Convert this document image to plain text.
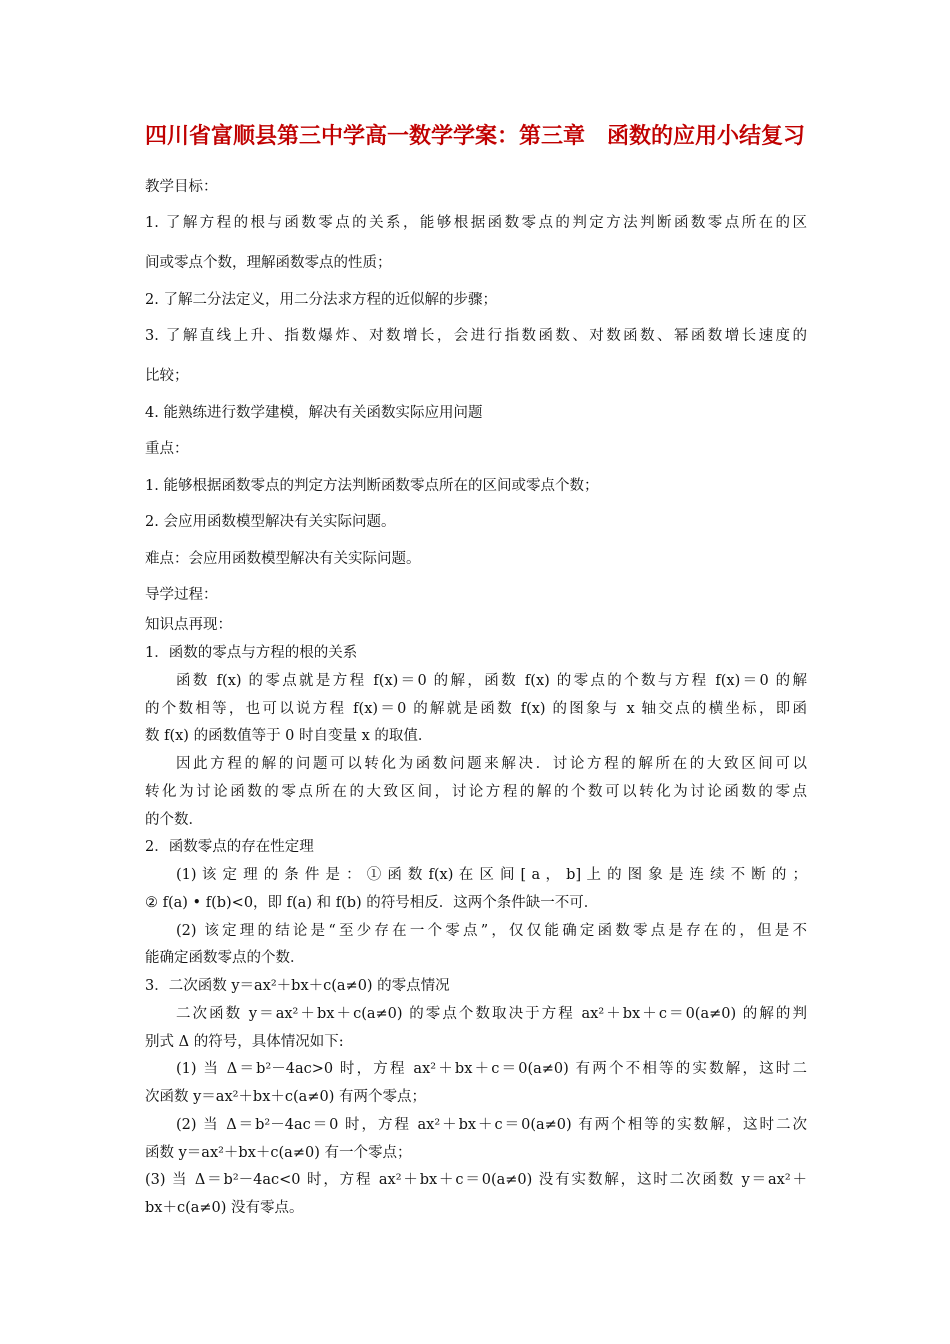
四川省富顺县第三中学高一数学学案：第三章　函数的应用小结复习
教学目标：
1. 了解方程的根与函数零点的关系，能够根据函数零点的判定方法判断函数零点所在的区
间或零点个数，理解函数零点的性质；
2. 了解二分法定义，用二分法求方程的近似解的步骤；
3. 了解直线上升、指数爆炸、对数增长，会进行指数函数、对数函数、幂函数增长速度的
比较；
4. 能熟练进行数学建模，解决有关函数实际应用问题
重点：
1. 能够根据函数零点的判定方法判断函数零点所在的区间或零点个数；
2. 会应用函数模型解决有关实际问题。
难点：会应用函数模型解决有关实际问题。
导学过程：
知识点再现：
1．函数的零点与方程的根的关系
函数 f(x) 的零点就是方程 f(x)＝0 的解，函数 f(x) 的零点的个数与方程 f(x)＝0 的解
的个数相等，也可以说方程 f(x)＝0 的解就是函数 f(x) 的图象与 x 轴交点的横坐标，即函
数 f(x) 的函数值等于 0 时自变量 x 的取值．
因此方程的解的问题可以转化为函数问题来解决．讨论方程的解所在的大致区间可以
转化为讨论函数的零点所在的大致区间，讨论方程的解的个数可以转化为讨论函数的零点
的个数．
2．函数零点的存在性定理
(1) 该 定 理 的 条 件 是 ： ① 函 数 f(x) 在 区 间 [ a ， b] 上 的 图 象 是 连 续 不 断 的 ；
② f(a) • f(b)<0，即 f(a) 和 f(b) 的符号相反．这两个条件缺一不可．
(2) 该定理的结论是“至少存在一个零点”，仅仅能确定函数零点是存在的，但是不
能确定函数零点的个数．
3．二次函数 y＝ax²＋bx＋c(a≠0) 的零点情况
二次函数 y＝ax²＋bx＋c(a≠0) 的零点个数取决于方程 ax²＋bx＋c＝0(a≠0) 的解的判
别式 Δ 的符号，具体情况如下:
(1) 当 Δ＝b²－4ac>0 时，方程 ax²＋bx＋c＝0(a≠0) 有两个不相等的实数解，这时二
次函数 y＝ax²＋bx＋c(a≠0) 有两个零点；
(2) 当 Δ＝b²－4ac＝0 时，方程 ax²＋bx＋c＝0(a≠0) 有两个相等的实数解，这时二次
函数 y＝ax²＋bx＋c(a≠0) 有一个零点；
(3) 当 Δ＝b²－4ac<0 时，方程 ax²＋bx＋c＝0(a≠0) 没有实数解，这时二次函数 y＝ax²＋
bx＋c(a≠0) 没有零点。
